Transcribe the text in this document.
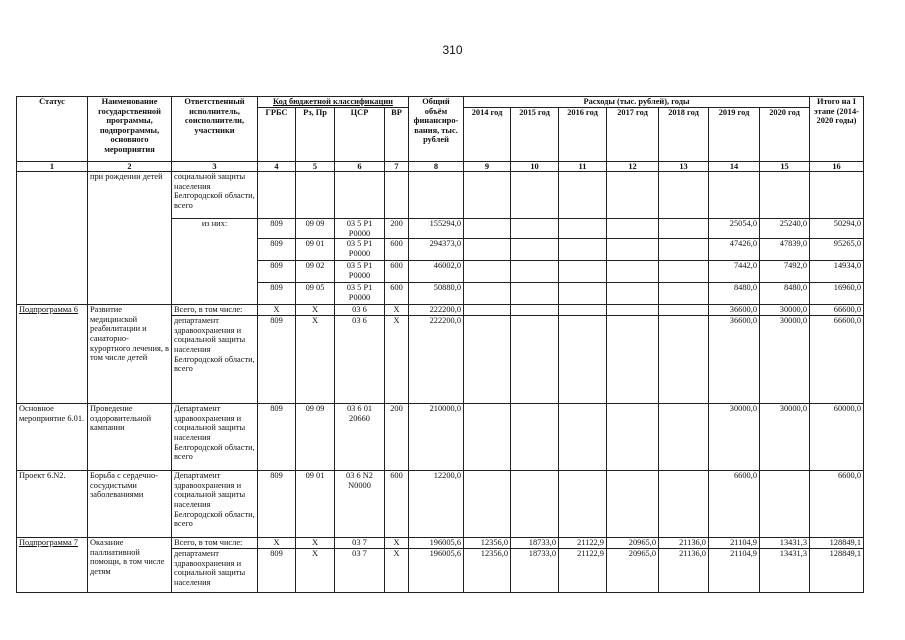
310
Статус	Наименование государственной программы, подпрограммы, основного мероприятия	Ответственный исполнитель, соисполнители, участники	Код бюджетной классификации				Общий объём финансиро-вания, тыс. рублей	Расходы (тыс. рублей), годы							Итого на I этапе (2014-2020 годы)
			ГРБС	Рз, Пр	ЦСР	ВР		2014 год	2015 год	2016 год	2017 год	2018 год	2019 год	2020 год	
1	2	3	4	5	6	7	8	9	10	11	12	13	14	15	16
	при рождении детей	социальной защиты населения Белгородской области, всего													
		из них:	809	09 09	03 5 P1 P0000	200	155294,0						25054,0	25240,0	50294,0
			809	09 01	03 5 P1 P0000	600	294373,0						47426,0	47839,0	95265,0
			809	09 02	03 5 P1 P0000	600	46002,0						7442,0	7492,0	14934,0
			809	09 05	03 5 P1 P0000	600	50880,0						8480,0	8480,0	16960,0
Подпрограмма 6	Развитие медицинской реабилитации и санаторно-курортного лечения, в том числе детей	Всего, в том числе:	X	X	03 6	X	222200,0						36600,0	30000,0	66600,0
		департамент здравоохранения и социальной защиты населения Белгородской области, всего	809	X	03 6	X	222200,0						36600,0	30000,0	66600,0
Основное мероприятие 6.01.	Проведение оздоровительной кампании	Департамент здравоохранения и социальной защиты населения Белгородской области, всего	809	09 09	03 6 01 20660	200	210000,0						30000,0	30000,0	60000,0
Проект 6.N2.	Борьба с сердечно-сосудистыми заболеваниями	Департамент здравоохранения и социальной защиты населения Белгородской области, всего	809	09 01	03 6 N2 N0000	600	12200,0						6600,0		6600,0
Подпрограмма 7	Оказание паллиативной помощи, в том числе детям	Всего, в том числе:	X	X	03 7	X	196005,6	12356,0	18733,0	21122,9	20965,0	21136,0	21104,9	13431,3	128849,1
		департамент здравоохранения и социальной защиты населения	809	X	03 7	X	196005,6	12356,0	18733,0	21122,9	20965,0	21136,0	21104,9	13431,3	128849,1
